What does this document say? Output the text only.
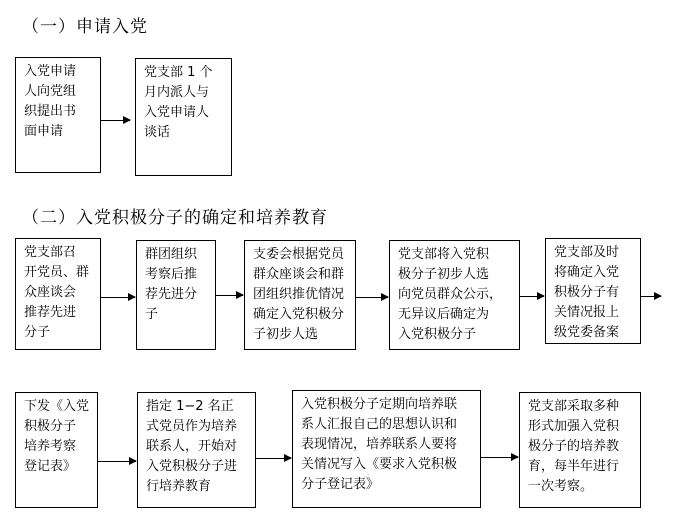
（一）申请入党
（二）入党积极分子的确定和培养教育
入党申请
人向党组
织提出书
面申请
党支部 1 个
月内派人与
入党申请人
谈话
党支部召
开党员、群
众座谈会
推荐先进
分子
群团组织
考察后推
荐先进分
子
支委会根据党员
群众座谈会和群
团组织推优情况
确定入党积极分
子初步人选
党支部将入党积
极分子初步人选
向党员群众公示，
无异议后确定为
入党积极分子
党支部及时
将确定入党
积极分子有
关情况报上
级党委备案
下发《入党
积极分子
培养考察
登记表》
指定 1−2 名正
式党员作为培养
联系人，开始对
入党积极分子进
行培养教育
入党积极分子定期向培养联
系人汇报自己的思想认识和
表现情况，培养联系人要将
关情况写入《要求入党积极
分子登记表》
党支部采取多种
形式加强入党积
极分子的培养教
育，每半年进行
一次考察。
